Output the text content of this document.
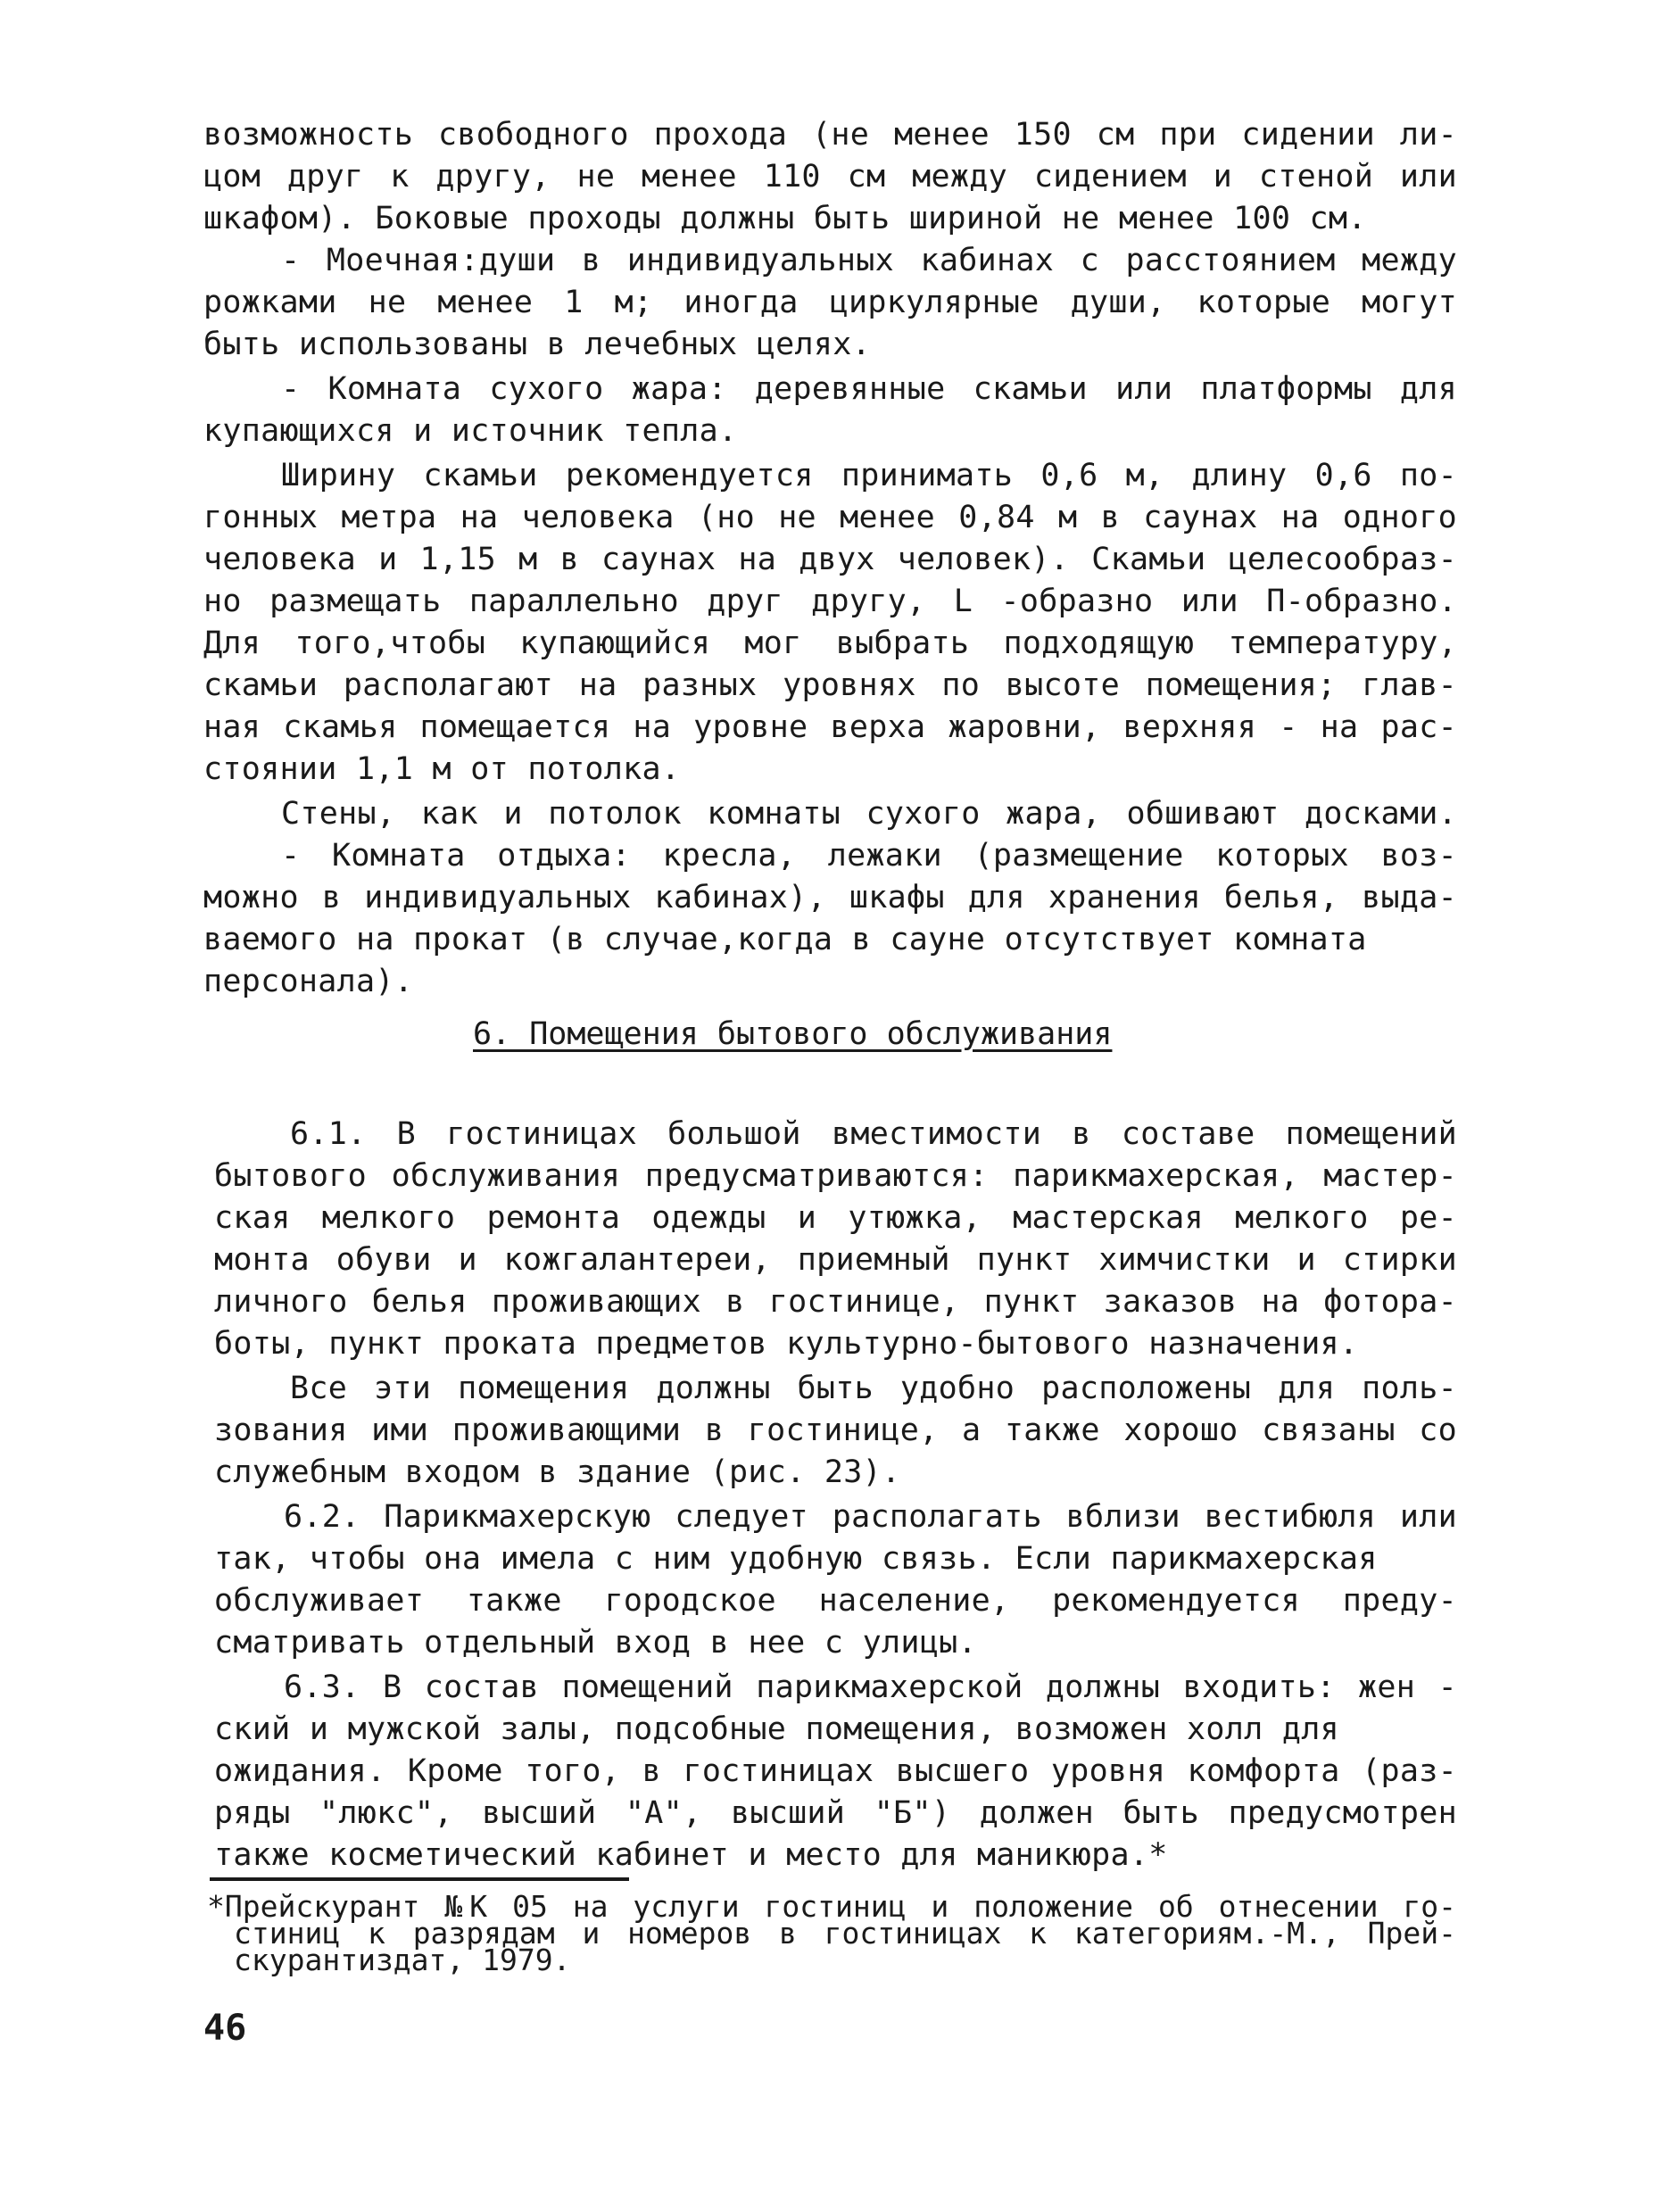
возможность свободного прохода (не менее 150 см при сидении ли-
цом друг к другу, не менее 110 см между сидением и стеной или
шкафом). Боковые проходы должны быть шириной не менее 100 см.
- Моечная:души в индивидуальных кабинах с расстоянием между
рожками не менее 1 м; иногда циркулярные души, которые могут
быть использованы в лечебных целях.
- Комната сухого жара: деревянные скамьи или платформы для
купающихся и источник тепла.
Ширину скамьи рекомендуется принимать 0,6 м, длину 0,6 по-
гонных метра на человека (но не менее 0,84 м в саунах на одного
человека и 1,15 м в саунах на двух человек). Скамьи целесообраз-
но размещать параллельно друг другу, L -образно или П-образно.
Для того,чтобы купающийся мог выбрать подходящую температуру,
скамьи располагают на разных уровнях по высоте помещения; глав-
ная скамья помещается на уровне верха жаровни, верхняя - на рас-
стоянии 1,1 м от потолка.
Стены, как и потолок комнаты сухого жара, обшивают досками.
- Комната отдыха: кресла, лежаки (размещение которых воз-
можно в индивидуальных кабинах), шкафы для хранения белья, выда-
ваемого на прокат (в случае,когда в сауне отсутствует комната
персонала).
6. Помещения бытового обслуживания
6.1. В гостиницах большой вместимости в составе помещений
бытового обслуживания предусматриваются: парикмахерская, мастер-
ская мелкого ремонта одежды и утюжка, мастерская мелкого ре-
монта обуви и кожгалантереи, приемный пункт химчистки и стирки
личного белья проживающих в гостинице, пункт заказов на фотора-
боты, пункт проката предметов культурно-бытового назначения.
Все эти помещения должны быть удобно расположены для поль-
зования ими проживающими в гостинице, а также хорошо связаны со
служебным входом в здание (рис. 23).
6.2. Парикмахерскую следует располагать вблизи вестибюля или
так, чтобы она имела с ним удобную связь. Если парикмахерская
обслуживает также городское население, рекомендуется преду-
сматривать отдельный вход в нее с улицы.
6.3. В состав помещений парикмахерской должны входить: жен -
ский и мужской залы, подсобные помещения, возможен холл для
ожидания. Кроме того, в гостиницах высшего уровня комфорта (раз-
ряды "люкс", высший "А", высший "Б") должен быть предусмотрен
также косметический кабинет и место для маникюра.*
*Прейскурант №К 05 на услуги гостиниц и положение об отнесении го-
стиниц к разрядам и номеров в гостиницах к категориям.-М., Прей-
скурантиздат, 1979.
46
